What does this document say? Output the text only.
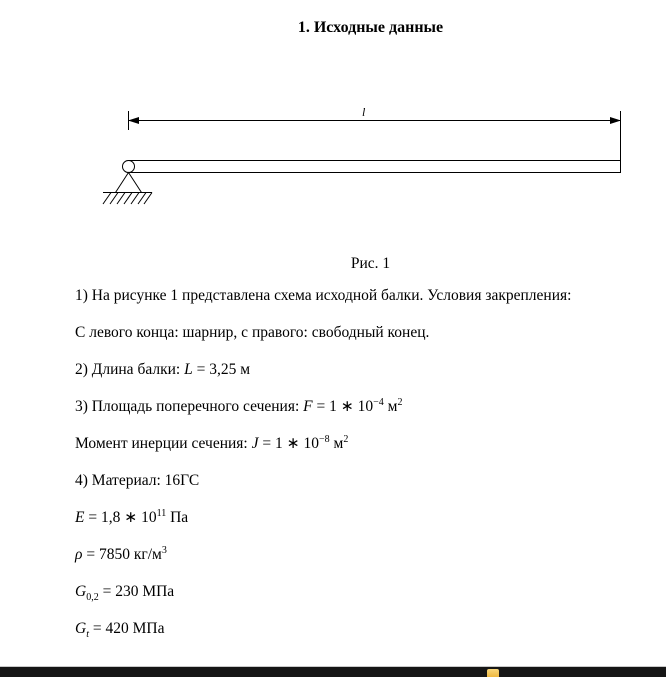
1. Исходные данные
l

Рис. 1

1) На рисунке 1 представлена схема исходной балки. Условия закрепления:

С левого конца: шарнир, с правого: свободный конец.

2) Длина балки: L = 3,25 м

3) Площадь поперечного сечения: F = 1 ∗ $10^{-4}$ $м^2$

Момент инерции сечения: J = 1 ∗ $10^{-8}$ $м^2$

4) Материал: 16ГС

E = 1,8 ∗ $10^{11}$ Па

ρ = 7850 $кг/м^3$

$G_{0,2} = 230$ МПа

$G_t = 420$ МПа
